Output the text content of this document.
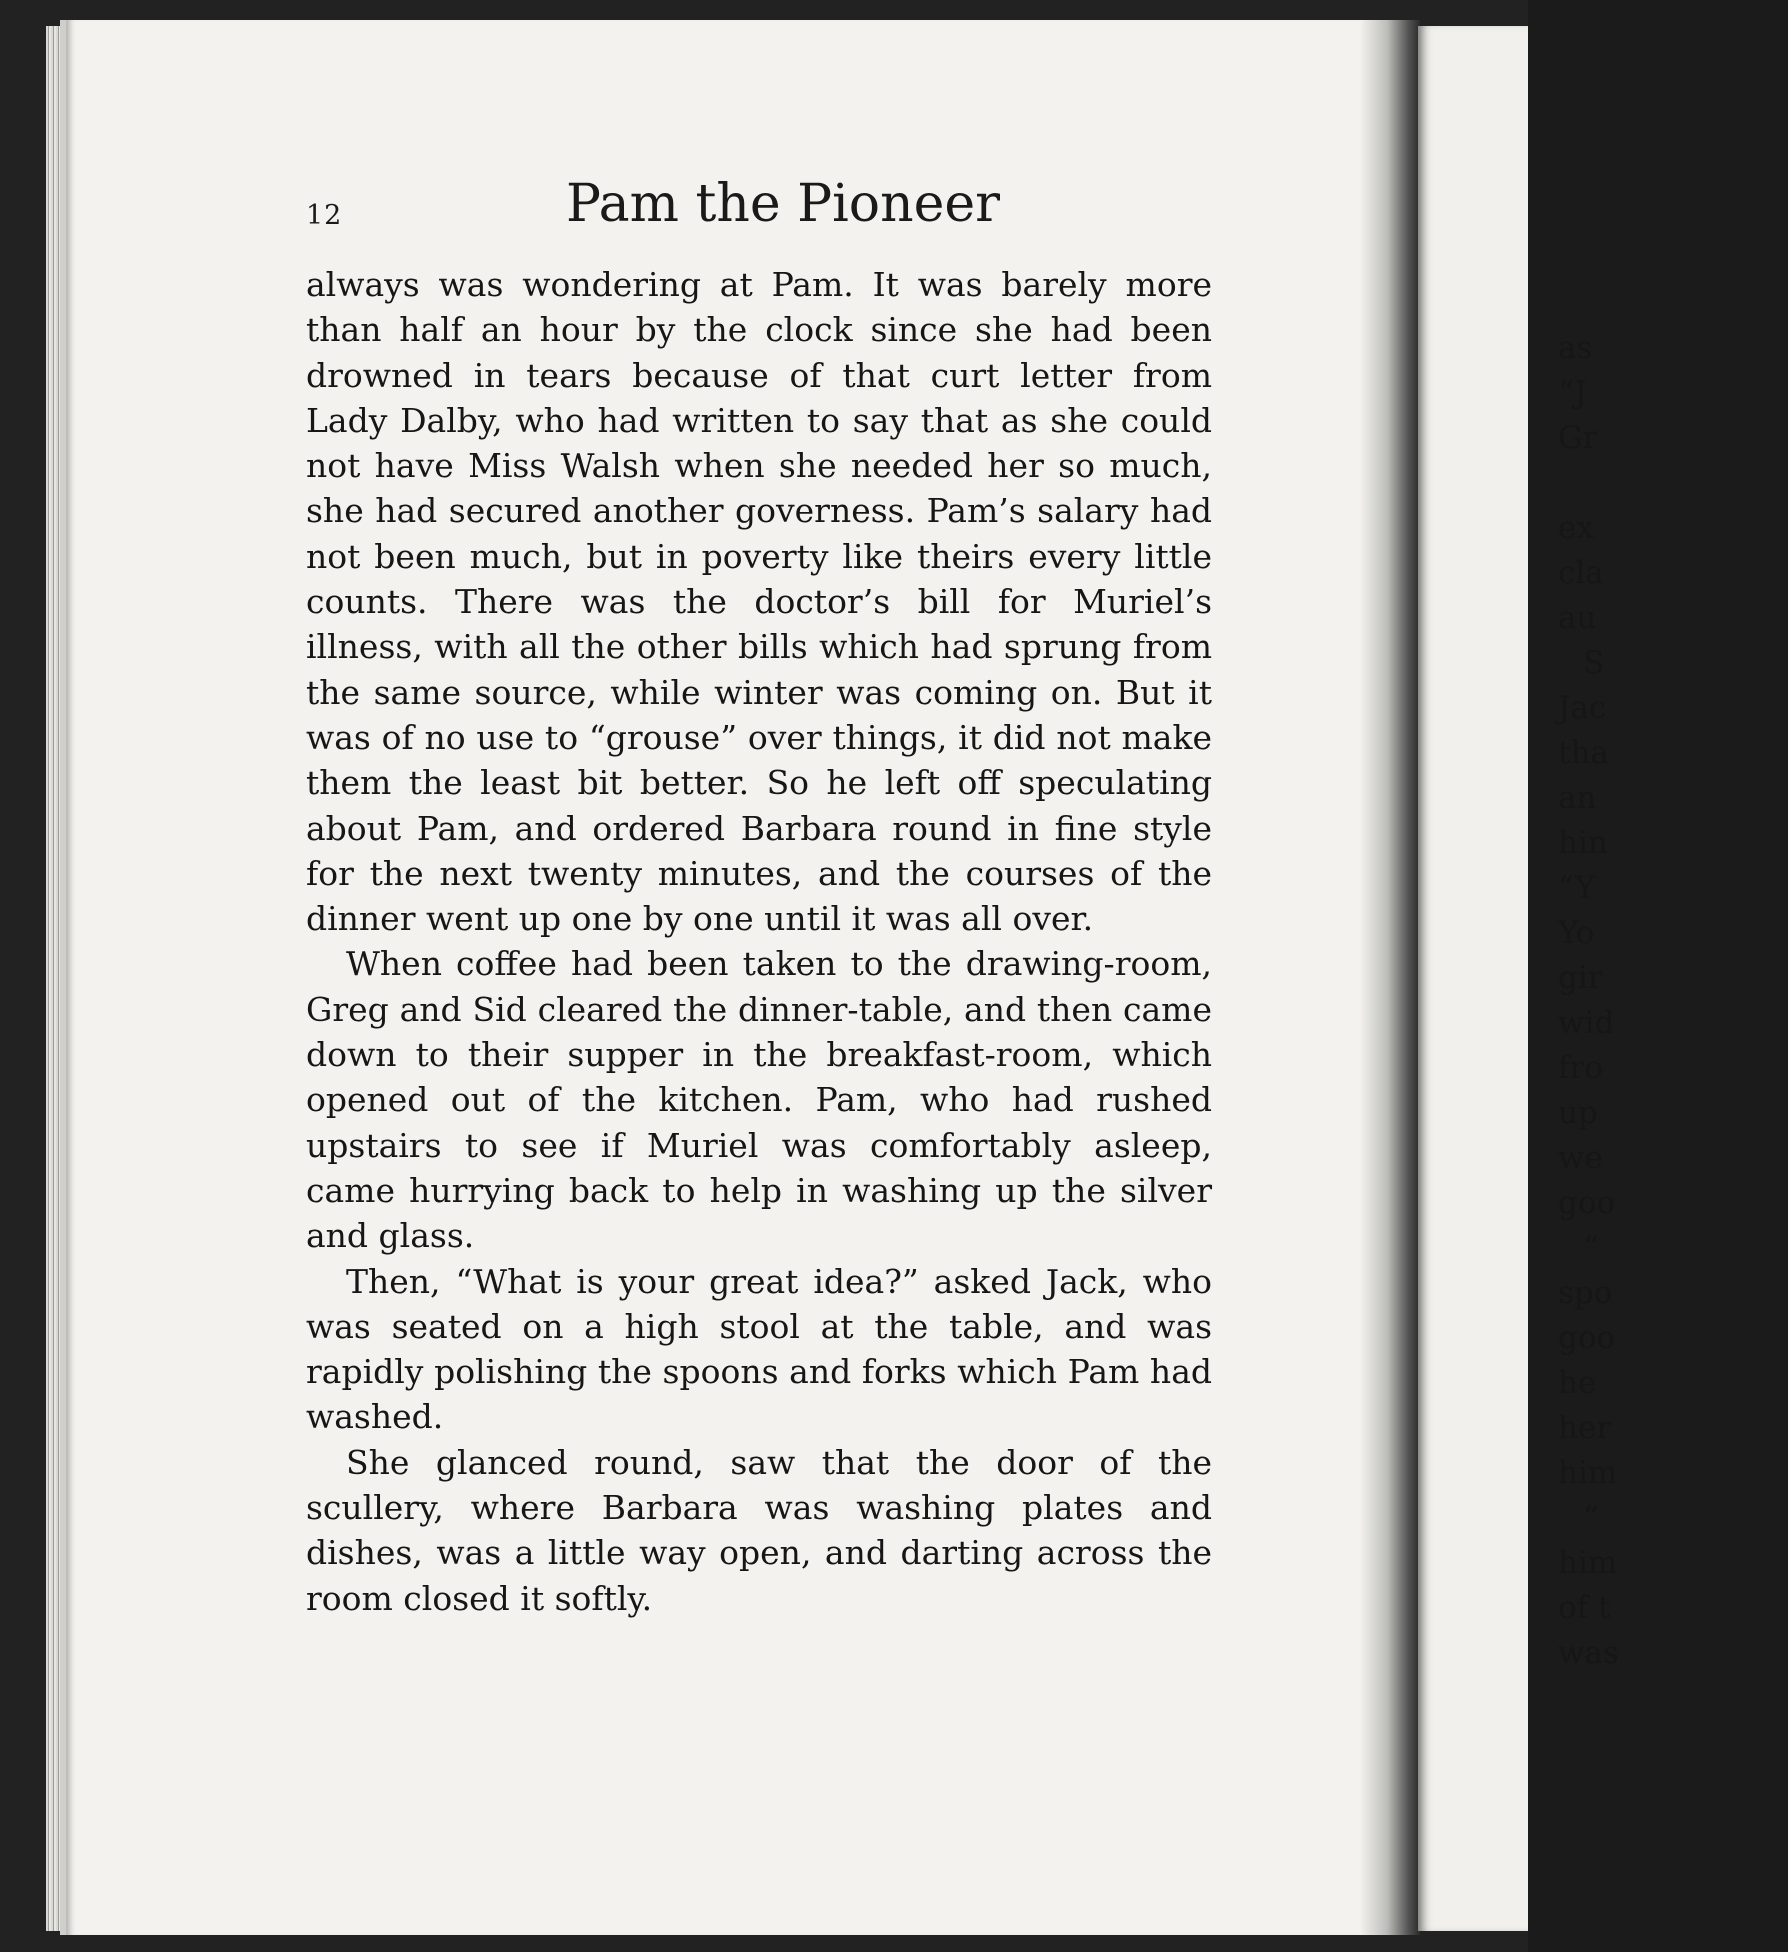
12	Pam the Pioneer

always was wondering at Pam. It was barely more than half an hour by the clock since she had been drowned in tears because of that curt letter from Lady Dalby, who had written to say that as she could not have Miss Walsh when she needed her so much, she had secured another governess. Pam’s salary had not been much, but in poverty like theirs every little counts. There was the doctor’s bill for Muriel’s illness, with all the other bills which had sprung from the same source, while winter was coming on. But it was of no use to “grouse” over things, it did not make them the least bit better. So he left off speculating about Pam, and ordered Barbara round in fine style for the next twenty minutes, and the courses of the dinner went up one by one until it was all over.

When coffee had been taken to the drawing-room, Greg and Sid cleared the dinner-table, and then came down to their supper in the breakfast-room, which opened out of the kitchen. Pam, who had rushed upstairs to see if Muriel was comfortably asleep, came hurrying back to help in washing up the silver and glass.

Then, “What is your great idea?” asked Jack, who was seated on a high stool at the table, and was rapidly polishing the spoons and forks which Pam had washed.

She glanced round, saw that the door of the scullery, where Barbara was washing plates and dishes, was a little way open, and darting across the room closed it softly.

as
“J
Gr
ex
cla
au
S
Jac
tha
an
hin
“Y
Yo
gir
wid
fro
up
we
goo
“
spo
goo
he
her
him
“
him
of t
was
